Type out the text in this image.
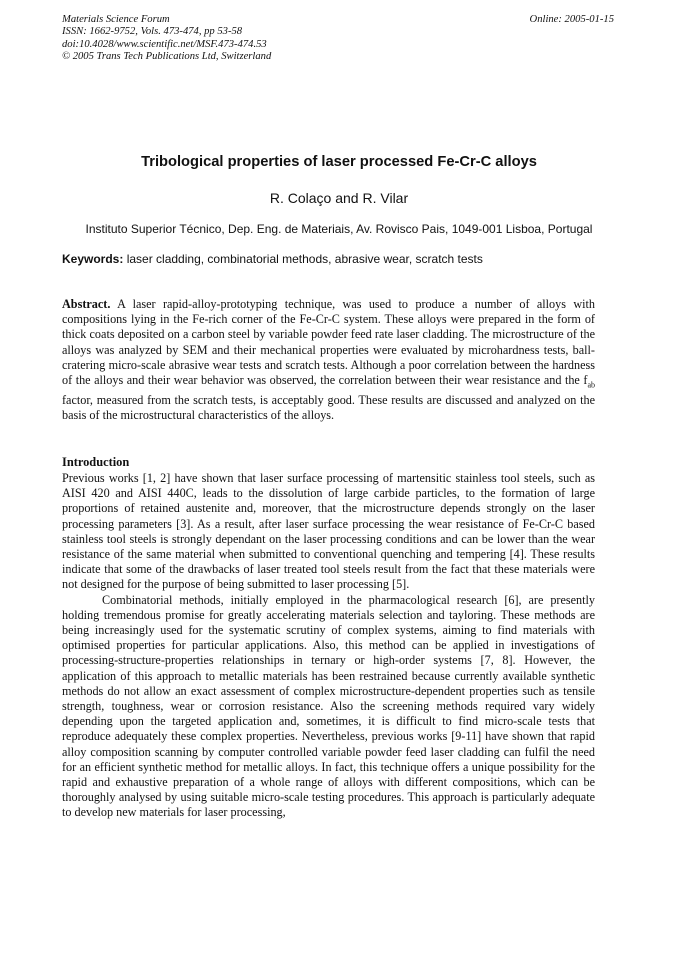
Materials Science Forum
ISSN: 1662-9752, Vols. 473-474, pp 53-58
doi:10.4028/www.scientific.net/MSF.473-474.53
© 2005 Trans Tech Publications Ltd, Switzerland
Online: 2005-01-15
Tribological properties of laser processed Fe-Cr-C alloys
R. Colaço and R. Vilar
Instituto Superior Técnico, Dep. Eng. de Materiais, Av. Rovisco Pais, 1049-001 Lisboa, Portugal
Keywords: laser cladding, combinatorial methods, abrasive wear, scratch tests

Abstract. A laser rapid-alloy-prototyping technique, was used to produce a number of alloys with compositions lying in the Fe-rich corner of the Fe-Cr-C system. These alloys were prepared in the form of thick coats deposited on a carbon steel by variable powder feed rate laser cladding. The microstructure of the alloys was analyzed by SEM and their mechanical properties were evaluated by microhardness tests, ball-cratering micro-scale abrasive wear tests and scratch tests. Although a poor correlation between the hardness of the alloys and their wear behavior was observed, the correlation between their wear resistance and the $f_{ab}$ factor, measured from the scratch tests, is acceptably good. These results are discussed and analyzed on the basis of the microstructural characteristics of the alloys.

Introduction

Previous works [1, 2] have shown that laser surface processing of martensitic stainless tool steels, such as AISI 420 and AISI 440C, leads to the dissolution of large carbide particles, to the formation of large proportions of retained austenite and, moreover, that the microstructure depends strongly on the laser processing parameters [3]. As a result, after laser surface processing the wear resistance of Fe-Cr-C based stainless tool steels is strongly dependant on the laser processing conditions and can be lower than the wear resistance of the same material when submitted to conventional quenching and tempering [4]. These results indicate that some of the drawbacks of laser treated tool steels result from the fact that these materials were not designed for the purpose of being submitted to laser processing [5].

Combinatorial methods, initially employed in the pharmacological research [6], are presently holding tremendous promise for greatly accelerating materials selection and tayloring. These methods are being increasingly used for the systematic scrutiny of complex systems, aiming to find materials with optimised properties for particular applications. Also, this method can be applied in investigations of processing-structure-properties relationships in ternary or high-order systems [7, 8]. However, the application of this approach to metallic materials has been restrained because currently available synthetic methods do not allow an exact assessment of complex microstructure-dependent properties such as tensile strength, toughness, wear or corrosion resistance. Also the screening methods required vary widely depending upon the targeted application and, sometimes, it is difficult to find micro-scale tests that reproduce adequately these complex properties. Nevertheless, previous works [9-11] have shown that rapid alloy composition scanning by computer controlled variable powder feed laser cladding can fulfil the need for an efficient synthetic method for metallic alloys. In fact, this technique offers a unique possibility for the rapid and exhaustive preparation of a whole range of alloys with different compositions, which can be thoroughly analysed by using suitable micro-scale testing procedures. This approach is particularly adequate to develop new materials for laser processing,
